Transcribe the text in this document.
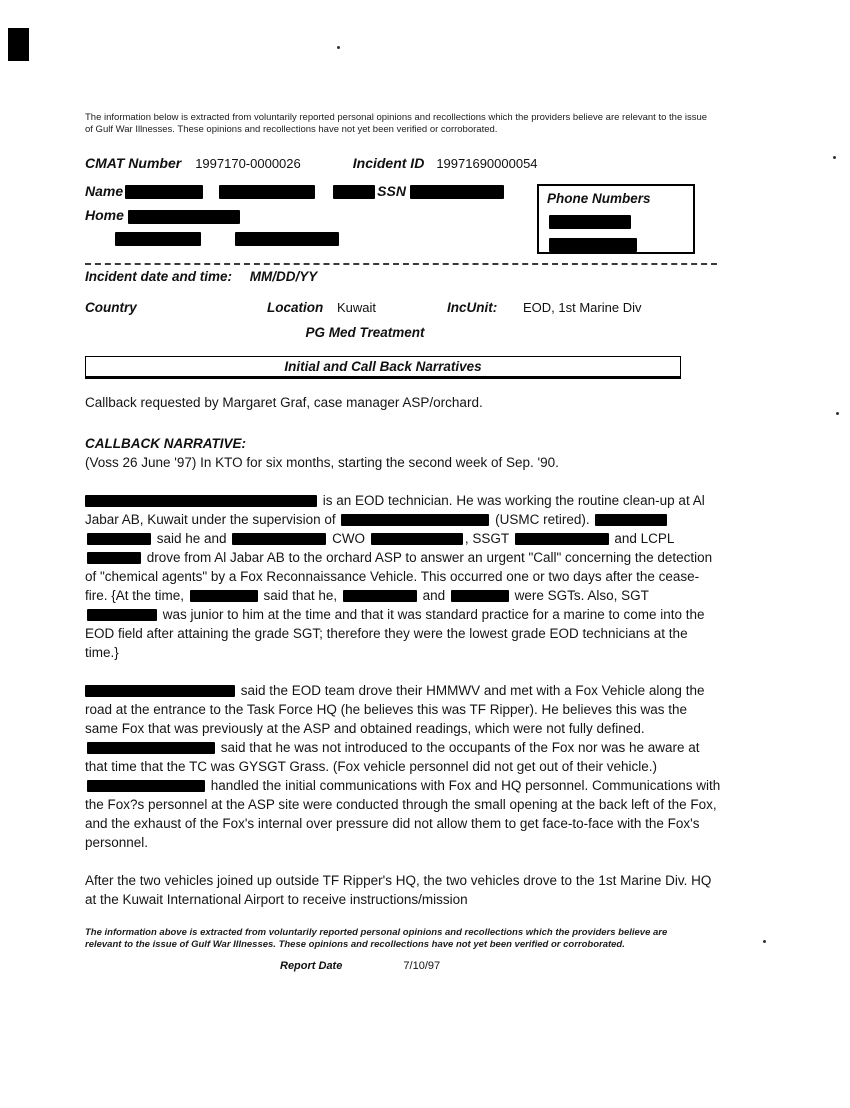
The information below is extracted from voluntarily reported personal opinions and recollections which the providers believe are relevant to the issue of Gulf War Illnesses. These opinions and recollections have not yet been verified or corroborated.
CMAT Number 1997170-0000026	Incident ID 19971690000054
Name	SSN
Home
Phone Numbers
Incident date and time: MM/DD/YY
Country	Location	Kuwait	IncUnit:	EOD, 1st Marine Div
PG Med Treatment
Initial and Call Back Narratives
Callback requested by Margaret Graf, case manager ASP/orchard.
CALLBACK NARRATIVE:
(Voss 26 June '97) In KTO for six months, starting the second week of Sep. '90.
is an EOD technician. He was working the routine clean-up at Al Jabar AB, Kuwait under the supervision of	(USMC retired).  said he and	CWO	, SSGT	and LCPL  drove from Al Jabar AB to the orchard ASP to answer an urgent "Call" concerning the detection of "chemical agents" by a Fox Reconnaissance Vehicle. This occurred one or two days after the cease-fire. {At the time,	said that he,	and	were SGTs. Also, SGT  was junior to him at the time and that it was standard practice for a marine to come into the EOD field after attaining the grade SGT; therefore they were the lowest grade EOD technicians at the time.}
said the EOD team drove their HMMWV and met with a Fox Vehicle along the road at the entrance to the Task Force HQ (he believes this was TF Ripper). He believes this was the same Fox that was previously at the ASP and obtained readings, which were not fully defined.  said that he was not introduced to the occupants of the Fox nor was he aware at that time that the TC was GYSGT Grass. (Fox vehicle personnel did not get out of their vehicle.)  handled the initial communications with Fox and HQ personnel. Communications with the Fox?s personnel at the ASP site were conducted through the small opening at the back left of the Fox, and the exhaust of the Fox's internal over pressure did not allow them to get face-to-face with the Fox's personnel.
After the two vehicles joined up outside TF Ripper's HQ, the two vehicles drove to the 1st Marine Div. HQ at the Kuwait International Airport to receive instructions/mission
The information above is extracted from voluntarily reported personal opinions and recollections which the providers believe are relevant to the issue of Gulf War Illnesses. These opinions and recollections have not yet been verified or corroborated.
Report Date	7/10/97
